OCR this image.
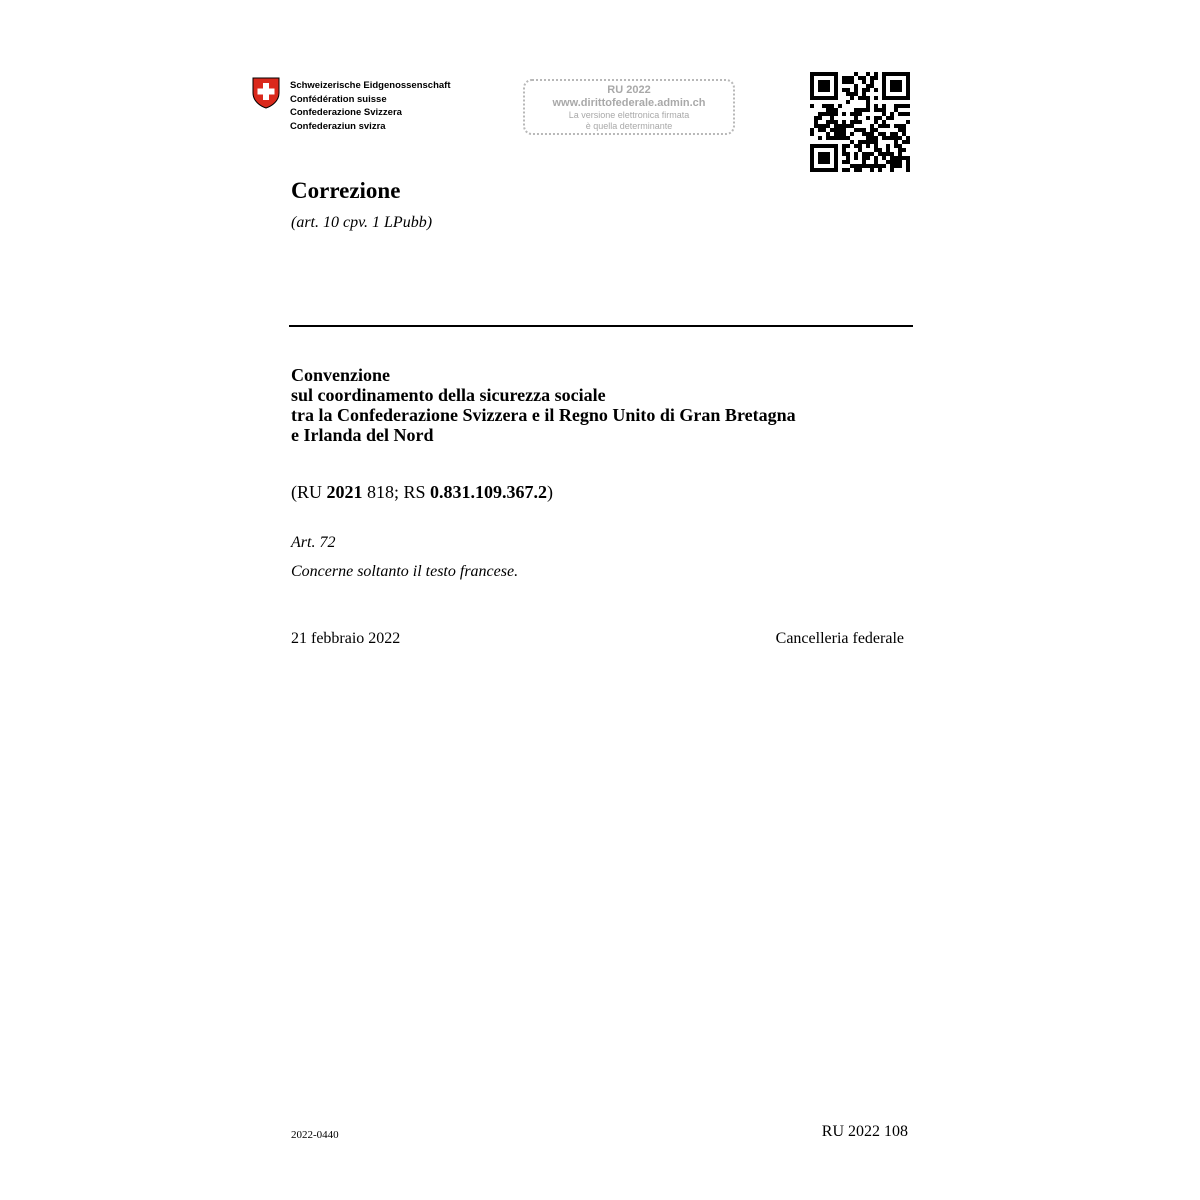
Schweizerische Eidgenossenschaft
Confédération suisse
Confederazione Svizzera
Confederaziun svizra
RU 2022
www.dirittofederale.admin.ch
La versione elettronica firmata
è quella determinante
Correzione
(art. 10 cpv. 1 LPubb)
Convenzione
sul coordinamento della sicurezza sociale
tra la Confederazione Svizzera e il Regno Unito di Gran Bretagna
e Irlanda del Nord
(RU 2021 818; RS 0.831.109.367.2)
Art. 72
Concerne soltanto il testo francese.
21 febbraio 2022	Cancelleria federale
2022-0440	RU 2022 108
